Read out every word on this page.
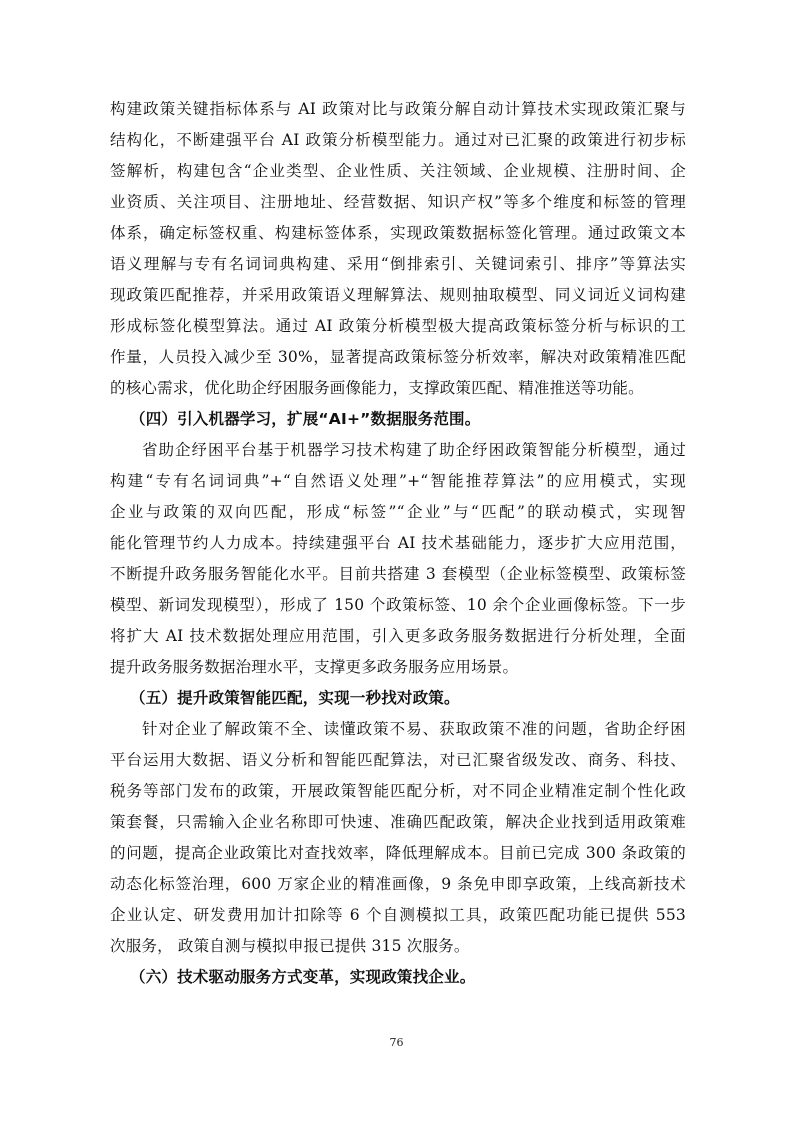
构建政策关键指标体系与 AI 政策对比与政策分解自动计算技术实现政策汇聚与
结构化，不断建强平台 AI 政策分析模型能力。通过对已汇聚的政策进行初步标
签解析，构建包含“企业类型、企业性质、关注领域、企业规模、注册时间、企
业资质、关注项目、注册地址、经营数据、知识产权”等多个维度和标签的管理
体系，确定标签权重、构建标签体系，实现政策数据标签化管理。通过政策文本
语义理解与专有名词词典构建、采用“倒排索引、关键词索引、排序”等算法实
现政策匹配推荐，并采用政策语义理解算法、规则抽取模型、同义词近义词构建
形成标签化模型算法。通过 AI 政策分析模型极大提高政策标签分析与标识的工
作量，人员投入减少至 30%，显著提高政策标签分析效率，解决对政策精准匹配
的核心需求，优化助企纾困服务画像能力，支撑政策匹配、精准推送等功能。
（四）引入机器学习，扩展“AI+”数据服务范围。
省助企纾困平台基于机器学习技术构建了助企纾困政策智能分析模型，通过
构建“专有名词词典”+“自然语义处理”+“智能推荐算法”的应用模式，实现
企业与政策的双向匹配，形成“标签”“企业”与“匹配”的联动模式，实现智
能化管理节约人力成本。持续建强平台 AI 技术基础能力，逐步扩大应用范围，
不断提升政务服务智能化水平。目前共搭建 3 套模型（企业标签模型、政策标签
模型、新词发现模型），形成了 150 个政策标签、10 余个企业画像标签。下一步
将扩大 AI 技术数据处理应用范围，引入更多政务服务数据进行分析处理，全面
提升政务服务数据治理水平，支撑更多政务服务应用场景。
（五）提升政策智能匹配，实现一秒找对政策。
针对企业了解政策不全、读懂政策不易、获取政策不准的问题，省助企纾困
平台运用大数据、语义分析和智能匹配算法，对已汇聚省级发改、商务、科技、
税务等部门发布的政策，开展政策智能匹配分析，对不同企业精准定制个性化政
策套餐，只需输入企业名称即可快速、准确匹配政策，解决企业找到适用政策难
的问题，提高企业政策比对查找效率，降低理解成本。目前已完成 300 条政策的
动态化标签治理，600 万家企业的精准画像，9 条免申即享政策，上线高新技术
企业认定、研发费用加计扣除等 6 个自测模拟工具，政策匹配功能已提供 553
次服务， 政策自测与模拟申报已提供 315 次服务。
（六）技术驱动服务方式变革，实现政策找企业。
76
